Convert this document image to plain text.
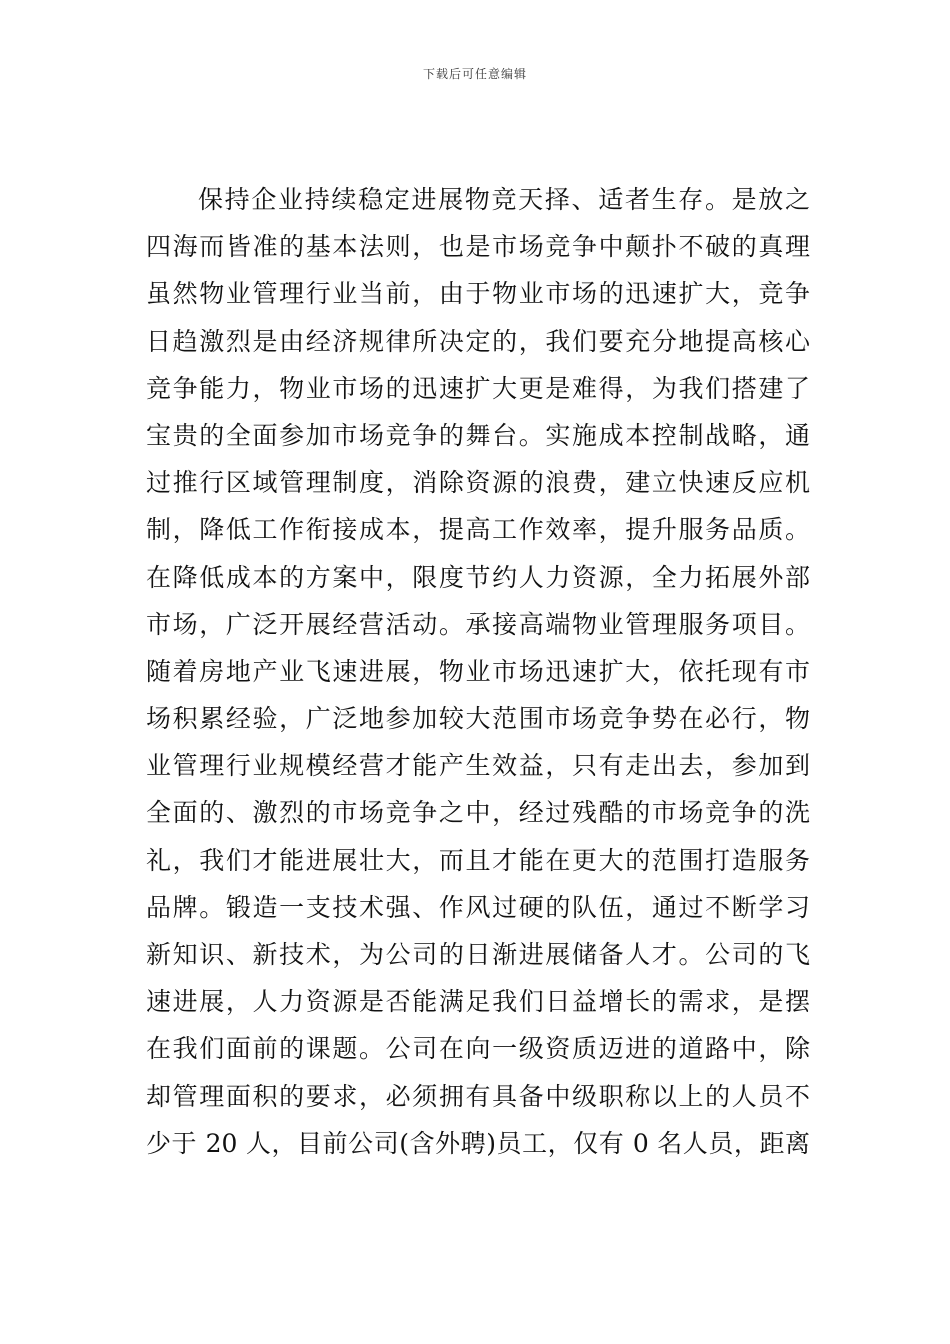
下载后可任意编辑
保持企业持续稳定进展物竞天择、适者生存。是放之
四海而皆准的基本法则，也是市场竞争中颠扑不破的真理
虽然物业管理行业当前，由于物业市场的迅速扩大，竞争
日趋激烈是由经济规律所决定的，我们要充分地提高核心
竞争能力，物业市场的迅速扩大更是难得，为我们搭建了
宝贵的全面参加市场竞争的舞台。实施成本控制战略，通
过推行区域管理制度，消除资源的浪费，建立快速反应机
制，降低工作衔接成本，提高工作效率，提升服务品质。
在降低成本的方案中，限度节约人力资源，全力拓展外部
市场，广泛开展经营活动。承接高端物业管理服务项目。
随着房地产业飞速进展，物业市场迅速扩大，依托现有市
场积累经验，广泛地参加较大范围市场竞争势在必行，物
业管理行业规模经营才能产生效益，只有走出去，参加到
全面的、激烈的市场竞争之中，经过残酷的市场竞争的洗
礼，我们才能进展壮大，而且才能在更大的范围打造服务
品牌。锻造一支技术强、作风过硬的队伍，通过不断学习
新知识、新技术，为公司的日渐进展储备人才。公司的飞
速进展，人力资源是否能满足我们日益增长的需求，是摆
在我们面前的课题。公司在向一级资质迈进的道路中，除
却管理面积的要求，必须拥有具备中级职称以上的人员不
少于 20 人，目前公司(含外聘)员工，仅有 0 名人员，距离
